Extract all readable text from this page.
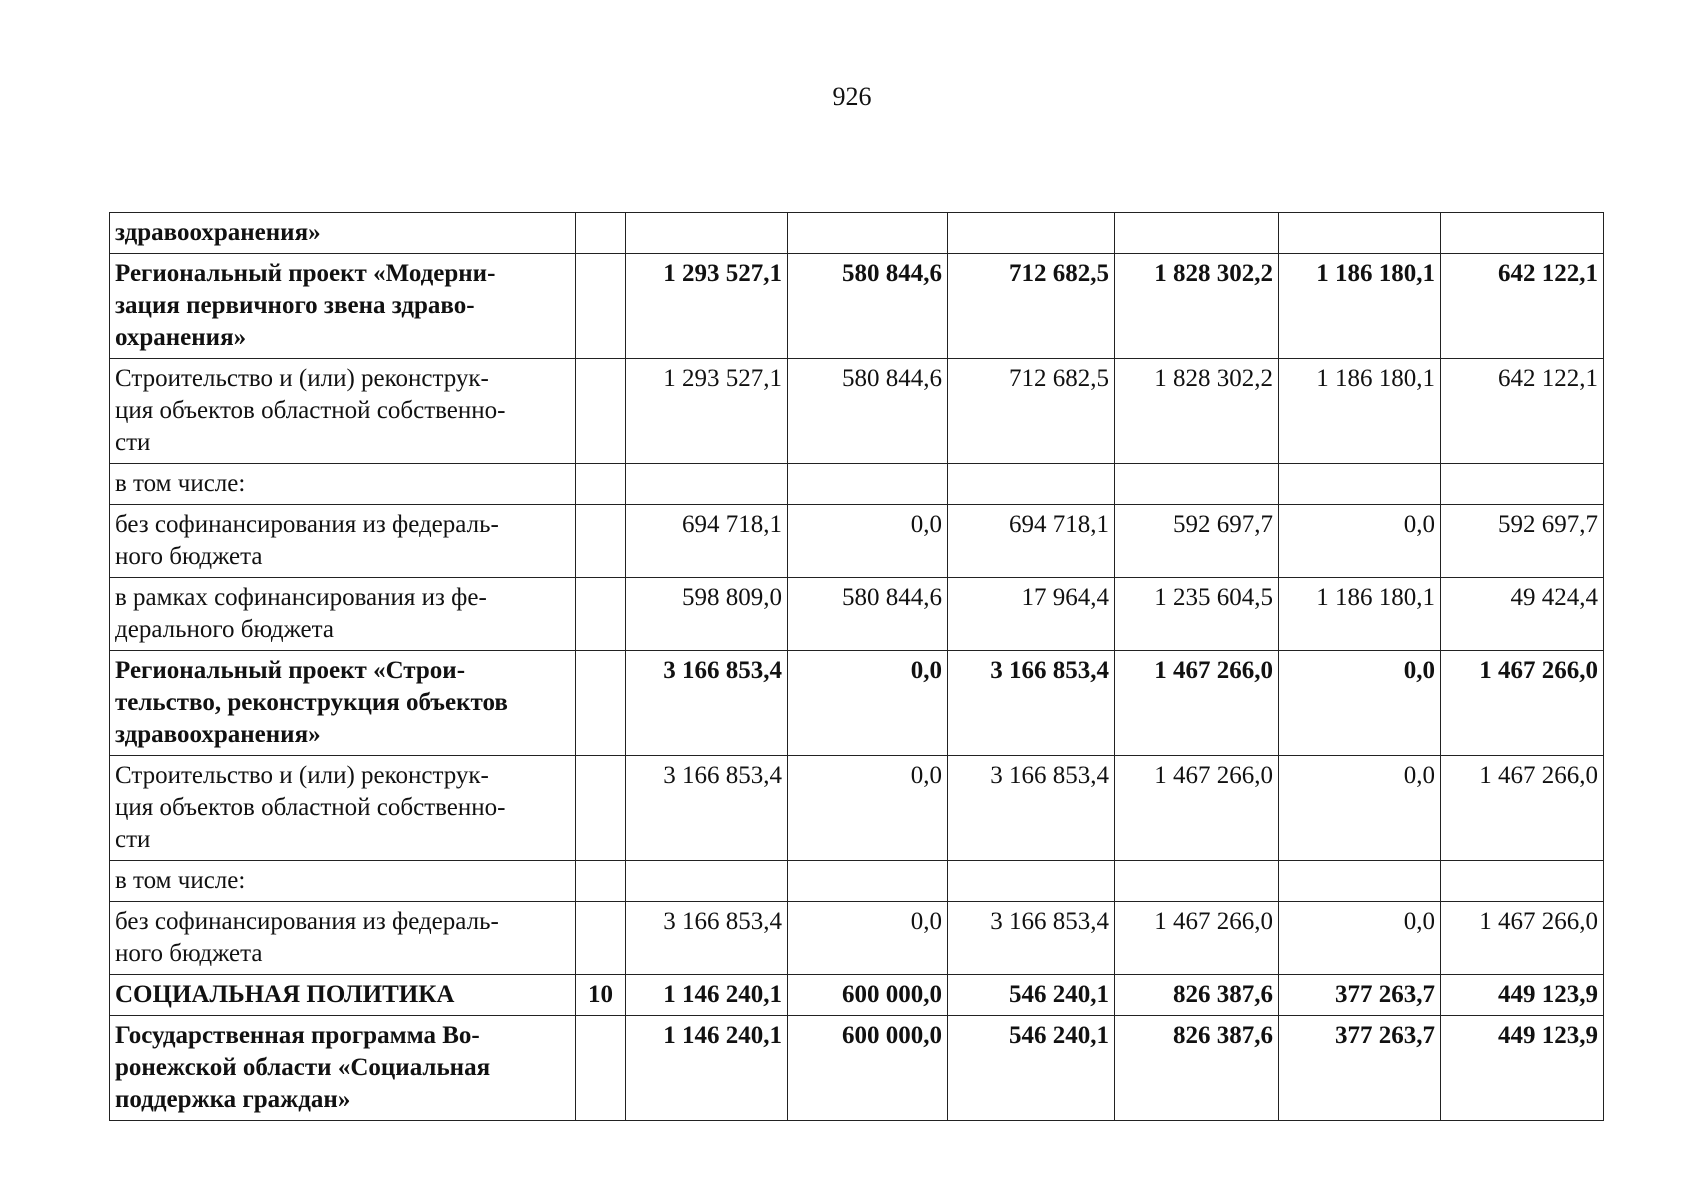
926
здравоохранения»							
Региональный проект «Модерни-
зация первичного звена здраво-
охранения»		1 293 527,1	580 844,6	712 682,5	1 828 302,2	1 186 180,1	642 122,1
Строительство и (или) реконструк-
ция объектов областной собственно-
сти		1 293 527,1	580 844,6	712 682,5	1 828 302,2	1 186 180,1	642 122,1
в том числе:							
без софинансирования из федераль-
ного бюджета		694 718,1	0,0	694 718,1	592 697,7	0,0	592 697,7
в рамках софинансирования из фе-
дерального бюджета		598 809,0	580 844,6	17 964,4	1 235 604,5	1 186 180,1	49 424,4
Региональный проект «Строи-
тельство, реконструкция объектов
здравоохранения»		3 166 853,4	0,0	3 166 853,4	1 467 266,0	0,0	1 467 266,0
Строительство и (или) реконструк-
ция объектов областной собственно-
сти		3 166 853,4	0,0	3 166 853,4	1 467 266,0	0,0	1 467 266,0
в том числе:							
без софинансирования из федераль-
ного бюджета		3 166 853,4	0,0	3 166 853,4	1 467 266,0	0,0	1 467 266,0
СОЦИАЛЬНАЯ ПОЛИТИКА	10	1 146 240,1	600 000,0	546 240,1	826 387,6	377 263,7	449 123,9
Государственная программа Во-
ронежской области «Социальная
поддержка граждан»		1 146 240,1	600 000,0	546 240,1	826 387,6	377 263,7	449 123,9
